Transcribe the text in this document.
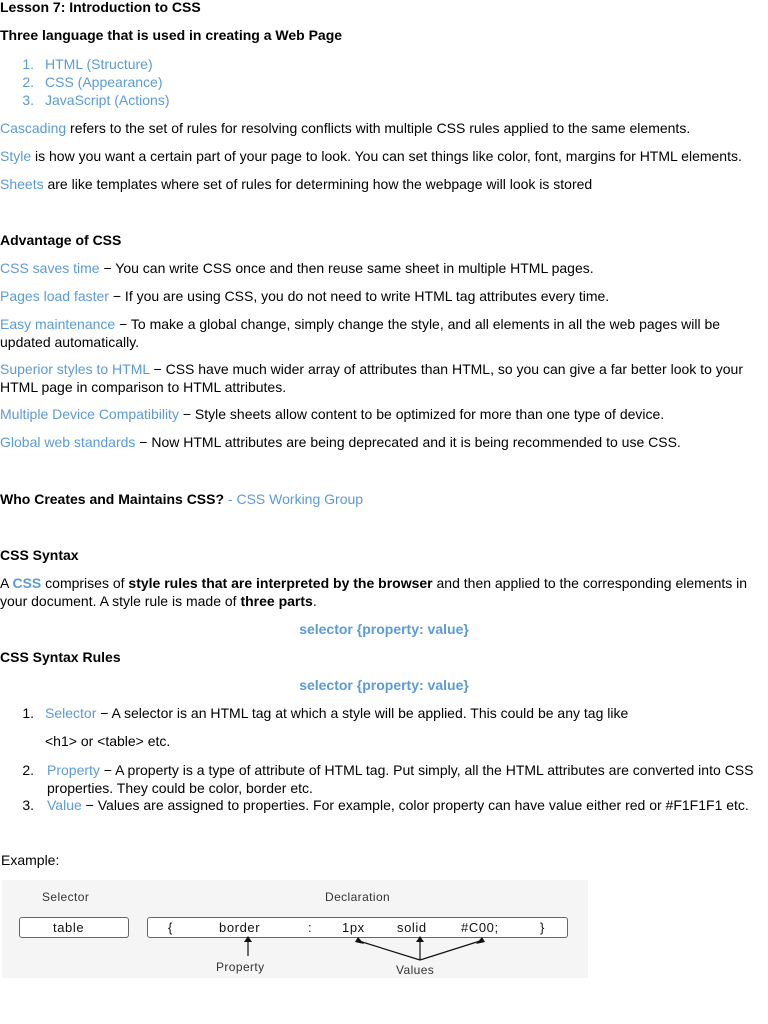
Lesson 7: Introduction to CSS
Three language that is used in creating a Web Page
1. HTML (Structure)
2. CSS (Appearance)
3. JavaScript (Actions)
Cascading refers to the set of rules for resolving conflicts with multiple CSS rules applied to the same elements.
Style is how you want a certain part of your page to look. You can set things like color, font, margins for HTML elements.
Sheets are like templates where set of rules for determining how the webpage will look is stored
Advantage of CSS
CSS saves time − You can write CSS once and then reuse same sheet in multiple HTML pages.
Pages load faster − If you are using CSS, you do not need to write HTML tag attributes every time.
Easy maintenance − To make a global change, simply change the style, and all elements in all the web pages will be updated automatically.
Superior styles to HTML − CSS have much wider array of attributes than HTML, so you can give a far better look to your HTML page in comparison to HTML attributes.
Multiple Device Compatibility − Style sheets allow content to be optimized for more than one type of device.
Global web standards − Now HTML attributes are being deprecated and it is being recommended to use CSS.
Who Creates and Maintains CSS? - CSS Working Group
CSS Syntax
A CSS comprises of style rules that are interpreted by the browser and then applied to the corresponding elements in your document. A style rule is made of three parts.
selector {property: value}
CSS Syntax Rules
selector {property: value}
1. Selector − A selector is an HTML tag at which a style will be applied. This could be any tag like
<h1> or <table> etc.
2. Property − A property is a type of attribute of HTML tag. Put simply, all the HTML attributes are converted into CSS properties. They could be color, border etc.
3. Value − Values are assigned to properties. For example, color property can have value either red or #F1F1F1 etc.
Example:
Selector	Declaration
table	{	border	: 1px solid	#C00;	}
Property	Values
